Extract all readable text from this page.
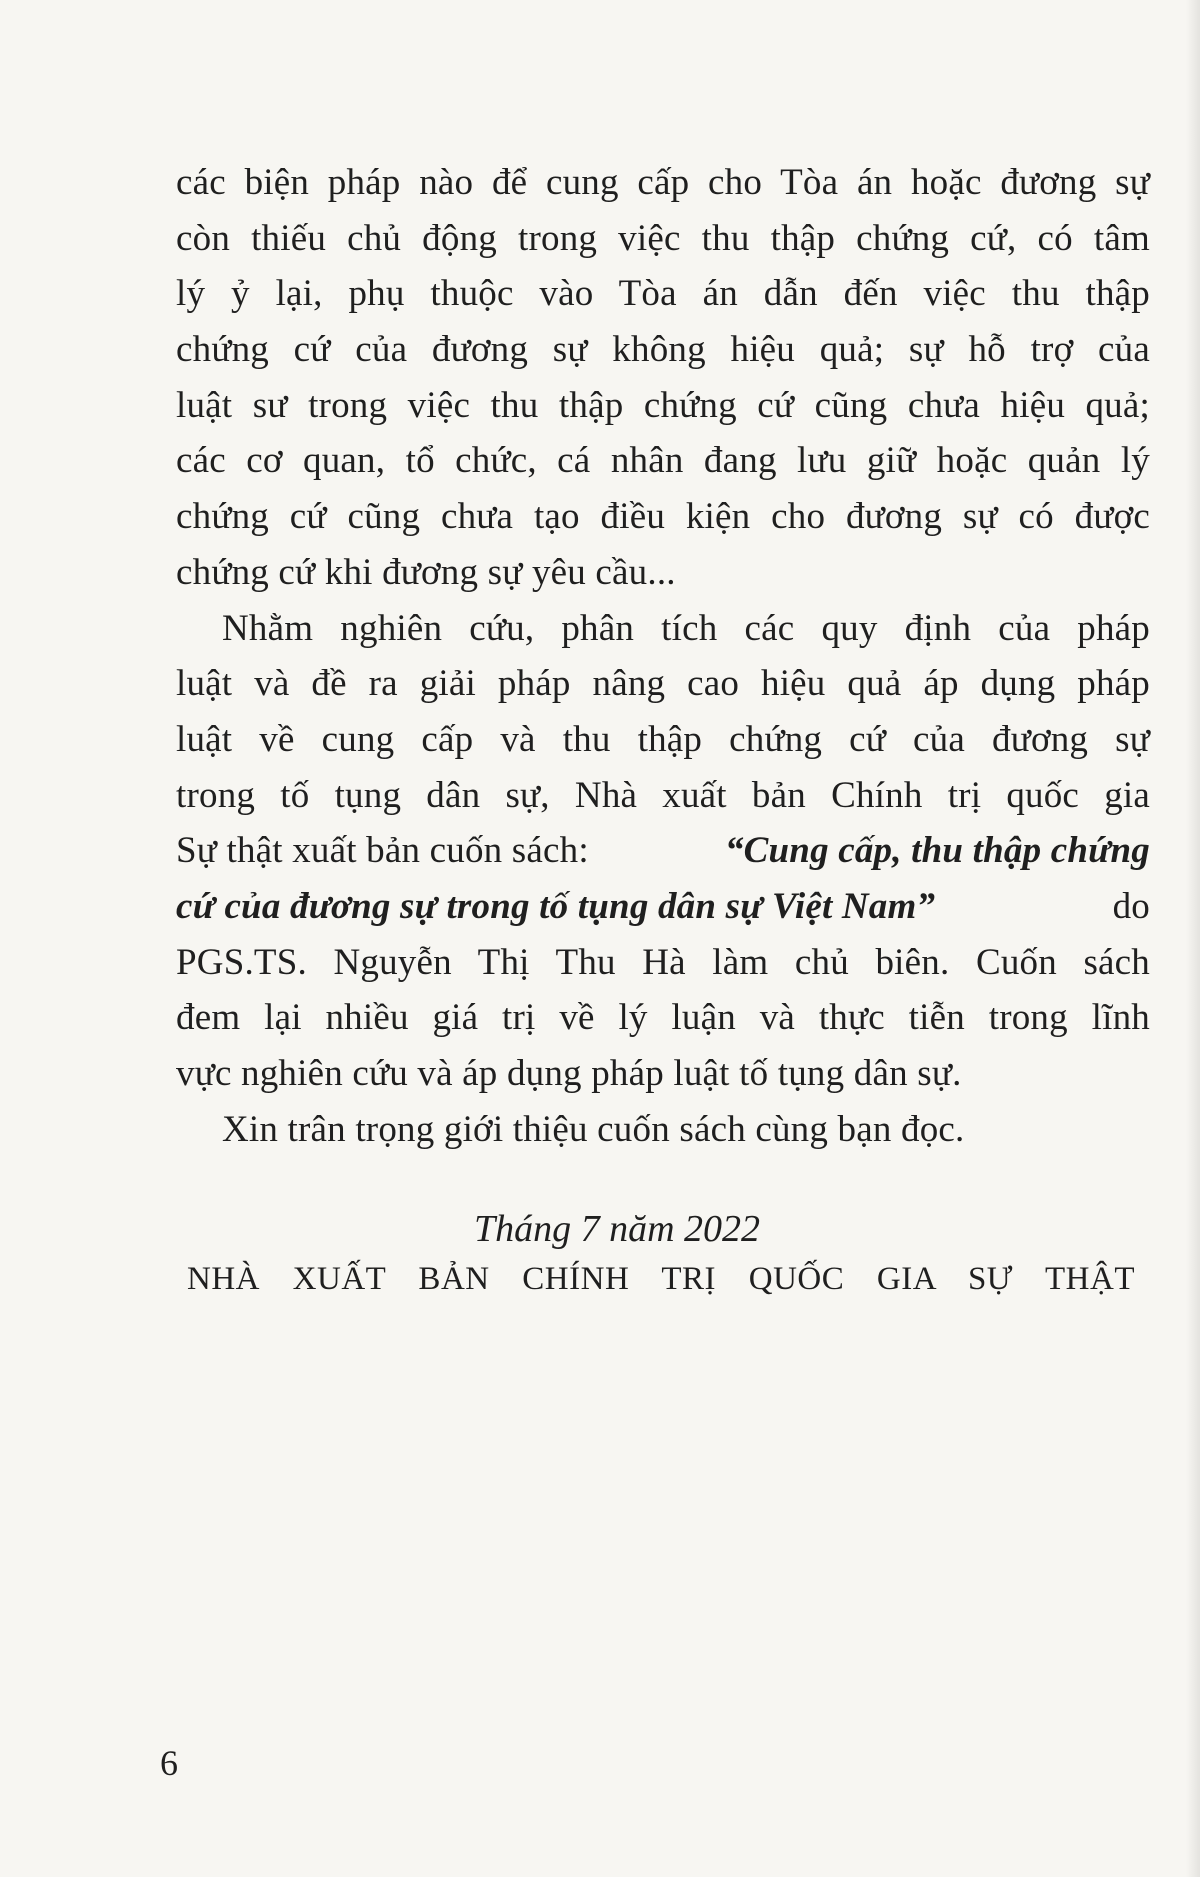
các biện pháp nào để cung cấp cho Tòa án hoặc đương sự
còn thiếu chủ động trong việc thu thập chứng cứ, có tâm
lý ỷ lại, phụ thuộc vào Tòa án dẫn đến việc thu thập
chứng cứ của đương sự không hiệu quả; sự hỗ trợ của
luật sư trong việc thu thập chứng cứ cũng chưa hiệu quả;
các cơ quan, tổ chức, cá nhân đang lưu giữ hoặc quản lý
chứng cứ cũng chưa tạo điều kiện cho đương sự có được
chứng cứ khi đương sự yêu cầu...
Nhằm nghiên cứu, phân tích các quy định của pháp
luật và đề ra giải pháp nâng cao hiệu quả áp dụng pháp
luật về cung cấp và thu thập chứng cứ của đương sự
trong tố tụng dân sự, Nhà xuất bản Chính trị quốc gia
Sự thật xuất bản cuốn sách:	“Cung cấp, thu thập chứng
cứ của đương sự trong tố tụng dân sự Việt Nam”	do
PGS.TS. Nguyễn Thị Thu Hà làm chủ biên. Cuốn sách
đem lại nhiều giá trị về lý luận và thực tiễn trong lĩnh
vực nghiên cứu và áp dụng pháp luật tố tụng dân sự.
Xin trân trọng giới thiệu cuốn sách cùng bạn đọc.
Tháng 7 năm 2022
NHÀ XUẤT BẢN CHÍNH TRỊ QUỐC GIA SỰ THẬT
6
